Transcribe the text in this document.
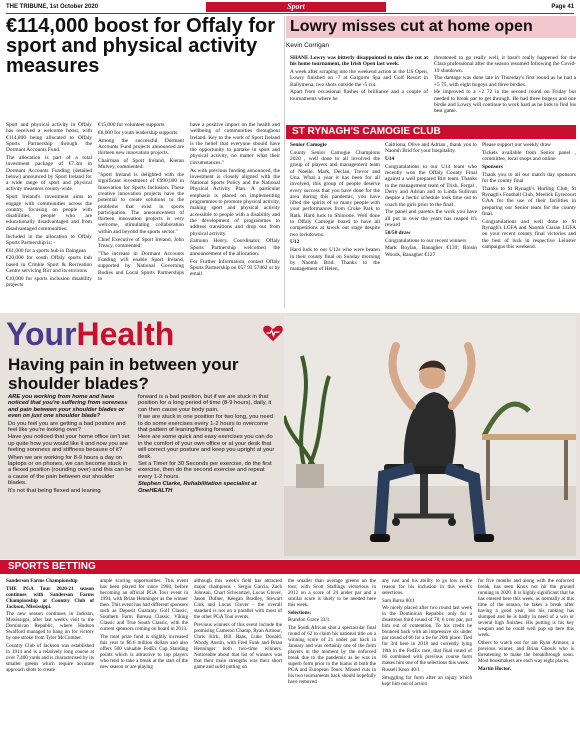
THE TRIBUNE, 1st October 2020	Sport	Page 41
€114,000 boost for Offaly for sport and physical activity measures

Sport and physical activity in Offaly has received a welcome boost, with €114,800 being allocated to Offaly Sports Partnership through the Dormant Accounts Fund.

The allocation is part of a total investment package of €7.3m in Dormant Accounts Funding (detailed below) announced by Sport Ireland for a wide range of sport and physical activity measures county-wide.

Sport Ireland's investment aims to engage with communities across the country, focusing on people with disabilities, people who are educationally disadvantaged and from disadvantaged communities.

Included in the allocation to Offaly Sports Partnership is: -

€61,000 for a sports hub in Daingean

€20,000 for south Offaly sports hub based in Crinkle Sport & Recreation Centre servicing Birr and its environs

€10,000 for sports inclusion disability projects

€15,000 for volunteer supports

€8,000 for youth leadership supports

Among the successful Dormant Accounts Fund projects announced are thirteen new innovation projects.

Chairman of Sport Ireland, Kieran Mulvey, commented:

"Sport Ireland is delighted with the significant investment of €990,000 in Innovation for Sports Inclusion. These creative innovation projects have the potential to create solutions to the problems that exist in sports participation. The announcement of thirteen innovation projects is very welcome, stimulating collaboration within and beyond the sports sector."

Chief Executive of Sport Ireland, John Treacy, commented:

"The increase in Dormant Accounts Funding will enable Sport Ireland, supported by National Governing Bodies and Local Sports Partnerships to

have a positive impact on the health and wellbeing of communities throughout Ireland. Key to the work of Sport Ireland is the belief that everyone should have the opportunity to partake in sport and physical activity, no matter what their circumstances."

As with previous funding announced, the investment is closely aligned with the National Sports Policy and the National Physical Activity Plan. A particular emphasis is placed on implementing programmes to promote physical activity, making sport and physical activity accessible to people with a disability and the development of programmes to address transitions and drop out from physical activity.

Eamonn Henry, Coordinator, Offaly Sports Partnership welcomed the announcement of the allocation:

For Further Information, contact Offaly Sports Partnership on 057 93 57462 or by email

Lowry misses cut at home open
Kevin Corrigan

SHANE Lowry was bitterly disappointed to miss the cut at his home tournament, the Irish Open last week.

A week after scraping into the weekend action at the US Open, Lowry finished on -7 at Galgorm Spa and Golf Resort in Ballymena, two shots outside the -5 cut.

Apart from occasional flashes of brilliance and a couple of tournaments where he

threatened to go really well, it hasn't really happened for the Clara professional after the season resumed following the Covid-19 shutdown.

The damage was done late in Thursday's first round as he had a +5 75, with eight bogeys and three birdies.

He improved to a +2 72 in the second round on Friday but needed to break par to get through. He had three bogeys and one birdie and Lowry will continue to work hard as he bids to find his best game.

ST RYNAGH'S CAMOGIE CLUB

Senior Camogie

County Senior Camogie Champions 2020 , well done to all involved the group of players and management team of Noelle, Mark, Declan, Trevor and Una. What a year it has been for all involved, this group of people deserve every success that you have done for the area during this pandemic, you have lifted the spirits of so many people with your performances from Croke Park to Rath. Hard luck to Shinrone. Well done to Offaly Camogie board to have all competitions at knock out stage despite two lockdowns.

U12

Hard luck to our U12s who were beaten in their county final on Sunday morning by Naomh Brid. Thanks to the management of Helen,

Caitriona, Olive and Adrian , thank you to Naomh Brid for your hospitality.

U14

Congratulations to our U14 team who recently won the Offaly County Final against a well prepared Birr team. Thanks to the management team of Trish, Fergal , Derry and Adrian and to Linda Sullivan despite a hectic schedule took time out to coach the girls prior to the final .

The panel and parents the work you have all put in over the years has reaped it's reward

50/50 draw

Congratulations to our recent winners

Mark Boylan, Banagher €139; Roisin Woods, Banagher €127

Please support our weekly draw

Tickets available from Senior panel , committee, local shops and online

Sponsors

Thank you to all our match day sponsors for the county final

Thanks to St Rynagh's Hurling Club, St Rynagh's Football Club, Meelick Eyrecourt GAA for the use of their facilities in preparing our Senior team for the county final.

Congratulations and well done to St Rynagh's LGFA and Naomh Ciaran LGFA on your recent county final victories and the best of luck in respective Leinster campaigns this weekend.

YourHealth
Having pain in between your shoulder blades?

ARE you working from home and have noticed that you're suffering from soreness and pain between your shoulder blades or even on just one shoulder blade?

Do you feel you are getting a bad posture and feel like you're looking over?

Have you noticed that your home office isn't set up quite how you would like it and now you are feeling soreness and stiffness because of it?

When we are working for 8-9 hours a day on laptops or on phones, we can become stuck in a flexed position (rounding over) and this can be a cause of the pain between our shoulder blades.

It's not that being flexed and leaning

forward is a bad position, but if we are stuck in that position for a long period of time (8-9 hours), daily, it can then cause your body pain.

If we are stuck in one position for two long, you need to do some exercises every 1-2 hours to overcome that pattern of leaning/flexing forward.

Here are some quick and easy exercises you can do in the comfort of your own office or at your desk that will correct your posture and keep you upright at your desk.

Set a Timer for 30 Seconds per exercise, do the first exercise, then do the second exercise and repeat every 1-2 hours.

Stephen Clarke, Rehabilitation specialist at OneHEALTH

SPORTS BETTING

Sanderson Farms Championship

THE PGA Tour 2020-21 season continues with Sanderson Farms Championship at Country Club of Jackson, Mississippi.

The new season continues in Jackson, Mississippi, after last week's visit to the Dominican Republic, where Hudson Swafford managed to hang on for victory by one stroke from Tyler McCumber.

Country Club of Jackson was established in 1914 and is a relatively long course at over 7,400 yards and is characterised by its smaller greens which require accurate approach shots to create

ample scoring opportunities. This event has been played for since 1968, before becoming an official PGA Tour event in 1994, with Brian Henninger as the winner then. This event has had different sponsors such as Deposit Guaranty Golf Classic, Southern Farm Bureau Classic, Viking Classic and True South Classic, with the current sponsors coming on board in 2013.

The total prize fund is slightly increased this year to $6.6 million dollars and also offers 500 valuable FedEx Cup Standing points which is attractive to top players who tend to take a break at the start of the new season or are playing

although this week's field has attracted major champions - Sergio Garcia, Zach Johnson, Charl Schwartzel, Lucas Glover, Jason Dufner, Keegan Bradley, Stewart Cink and Lucas Glover - the overall standard is not on a parallel with most of the other PGA Tour events.

Previous winners of this event include the promising Cameron Champ, Ryan Armour, Chris Kirk, Bill Haas, Luke Donald, Woody Austin, with Fred Funk and Brian Henninger both two-time winners. Noticeable about that list of winners was that their main strengths was their short game and solid putting on

the smaller than average greens on the tour, with Scott Stallings victorious in 2012 on a score of 24 under par and a similar score is likely to be needed here this week.

Selections:

Brandon Grace 33/1

The South African shot a spectacular final round of 62 to claim his national title on a winning score of 21 under par back in January and was certainly one of the form players in the moment by the enforced break due to the pandemic as he was in superb form prior to the hiatus in both the PGA and European Tours. Missed cuts in his two tournaments back should hopefully have removed

any rust and his ability to go low is the reason for his inclusion in this week's selections.

Sam Burns 80/1

We nicely placed after two round last week in the Dominican Republic only for a disastrous third round of 78, 6 over par, put him out of contention. To his credit he bounced back with an impressive six under par round of 66 for a tie for 26th place. Tied for 3rd here in 2018 and currently lying 18th in the FedEx race, that final round of 66 combined with previous course form makes him one of the selections this week.

Russell Knox 40/1

Struggling for form after an injury which kept him out of action

for five months and along with the enforced break, has seen Knox not hit the ground running in 2020. It is highly significant that he has entered here this week, as normally at this time of the season, he takes a break after having a good year, but his ranking has slumped and he is badly in need of a win or several high finishes. His putting is his key weapon and he could well pop up here this week.

Others to watch out for are Ryan Armour, a previous winner, and Brian Ghouls who is threatening to make the breakthrough soon. Most bookmakers are each way eight places.

Martin Hoctor.
